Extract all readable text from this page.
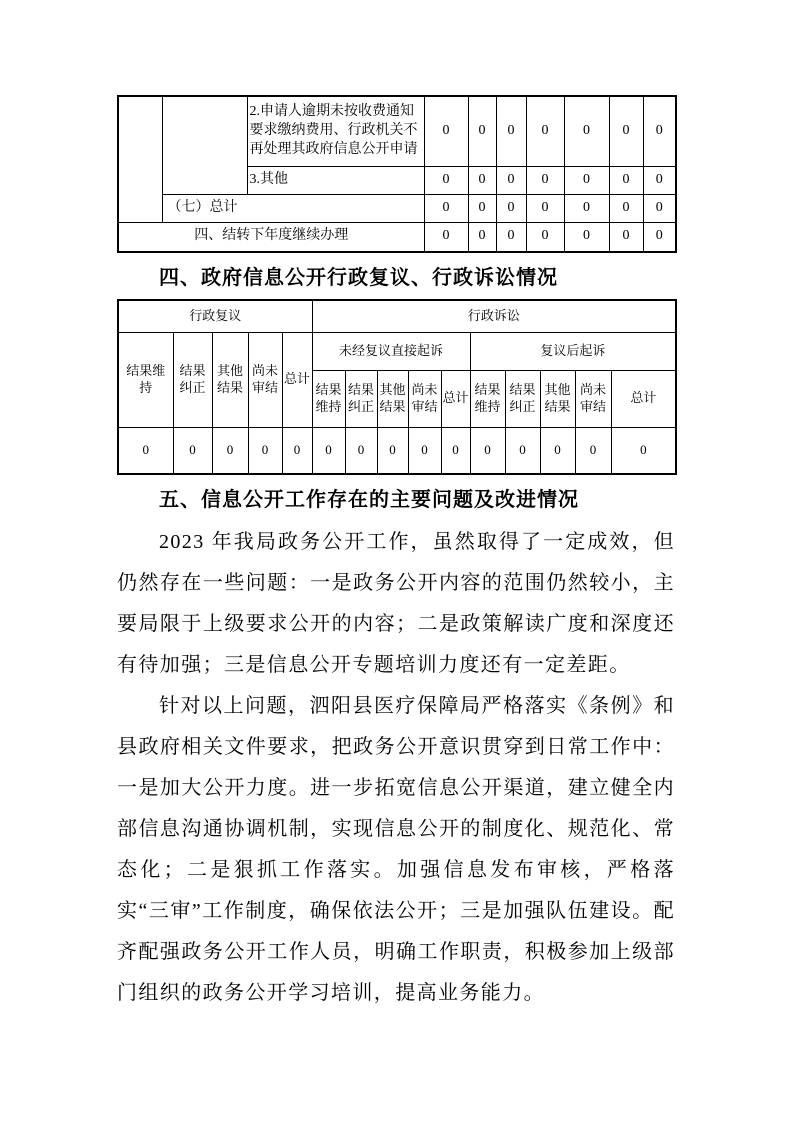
		2.申请人逾期未按收费通知要求缴纳费用、行政机关不再处理其政府信息公开申请	0	0	0	0	0	0	0
		3.其他	0	0	0	0	0	0	0
	（七）总计		0	0	0	0	0	0	0
四、结转下年度继续办理			0	0	0	0	0	0	0
四、政府信息公开行政复议、行政诉讼情况
行政复议					行政诉讼									
结果维持	结果纠正	其他结果	尚未审结	总计	未经复议直接起诉					复议后起诉				
					结果维持	结果纠正	其他结果	尚未审结	总计	结果维持	结果纠正	其他结果	尚未审结	总计
0	0	0	0	0	0	0	0	0	0	0	0	0	0	0
五、信息公开工作存在的主要问题及改进情况

2023 年我局政务公开工作，虽然取得了一定成效，但仍然存在一些问题：一是政务公开内容的范围仍然较小，主要局限于上级要求公开的内容；二是政策解读广度和深度还有待加强；三是信息公开专题培训力度还有一定差距。

针对以上问题，泗阳县医疗保障局严格落实《条例》和县政府相关文件要求，把政务公开意识贯穿到日常工作中：一是加大公开力度。进一步拓宽信息公开渠道，建立健全内部信息沟通协调机制，实现信息公开的制度化、规范化、常态化；二是狠抓工作落实。加强信息发布审核，严格落实“三审”工作制度，确保依法公开；三是加强队伍建设。配齐配强政务公开工作人员，明确工作职责，积极参加上级部门组织的政务公开学习培训，提高业务能力。
